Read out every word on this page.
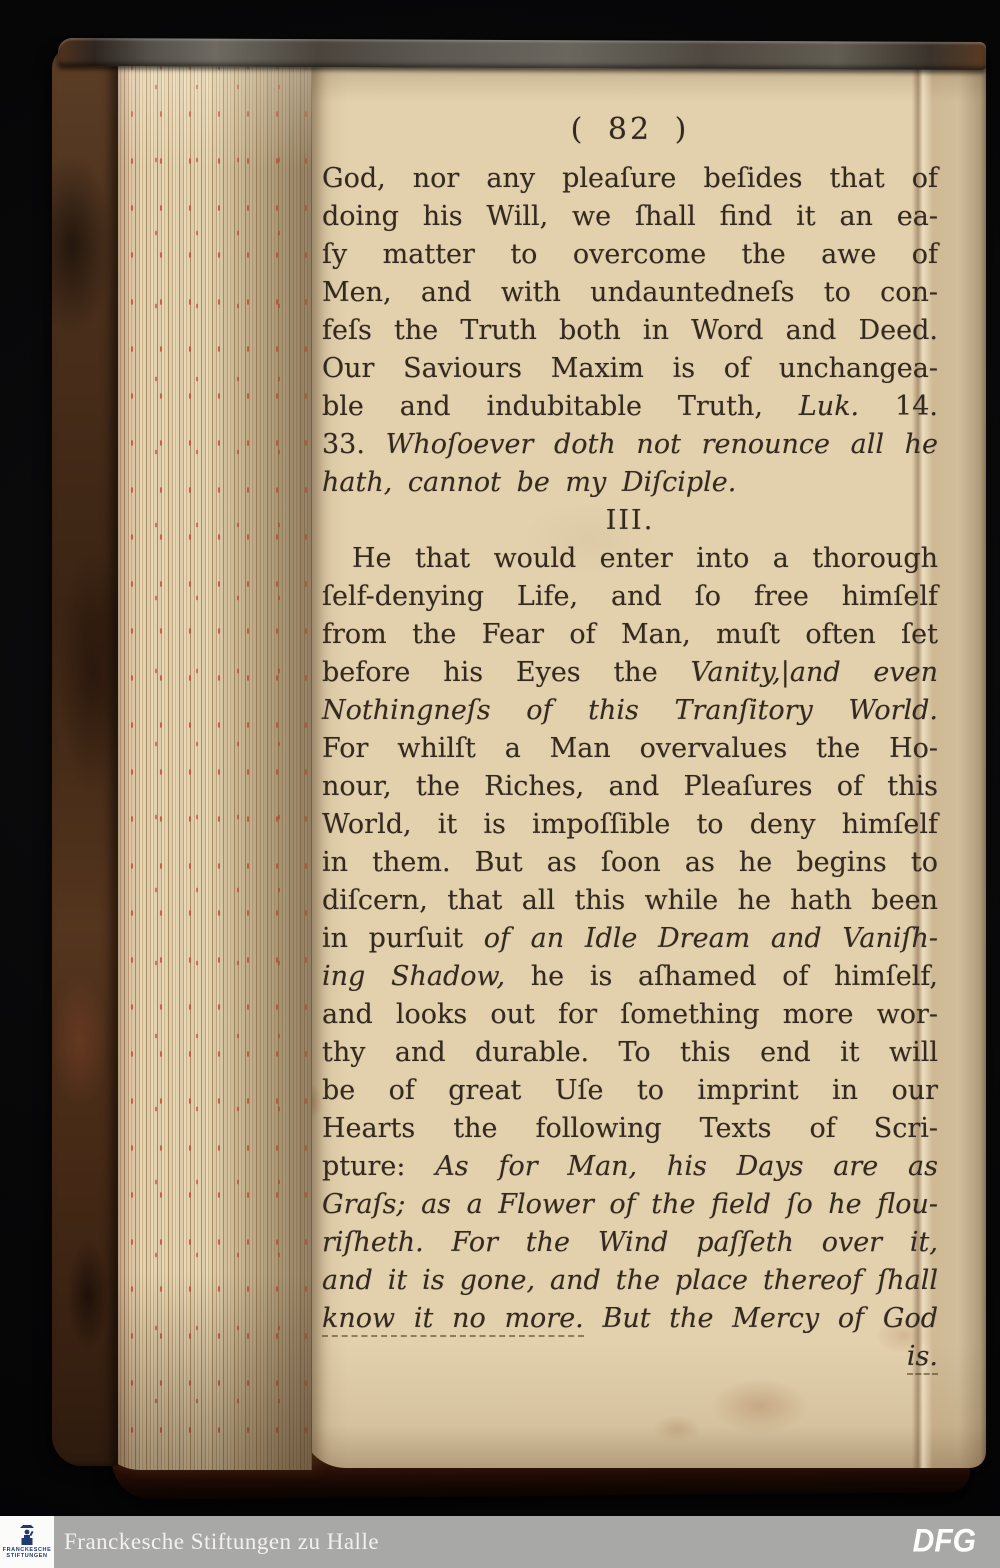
( 82 )
God, nor any pleaſure beſides that of
doing his Will, we ſhall find it an ea-
ſy matter to overcome the awe of
Men, and with undauntedneſs to con-
feſs the Truth both in Word and Deed.
Our Saviours Maxim is of unchangea-
ble and indubitable Truth, Luk. 14.
33. Whoſoever doth not renounce all he
hath, cannot be my Diſciple.
III.
He that would enter into a thorough
ſelf-denying Life, and ſo free himſelf
from the Fear of Man, muſt often ſet
before his Eyes the Vanity,|and even
Nothingneſs of this Tranſitory World.
For whilſt a Man overvalues the Ho-
nour, the Riches, and Pleaſures of this
World, it is impoſſible to deny himſelf
in them. But as ſoon as he begins to
diſcern, that all this while he hath been
in purſuit of an Idle Dream and Vaniſh-
ing Shadow, he is aſhamed of himſelf,
and looks out for ſomething more wor-
thy and durable. To this end it will
be of great Uſe to imprint in our
Hearts the following Texts of Scri-
pture: As for Man, his Days are as
Graſs; as a Flower of the field ſo he flou-
riſheth. For the Wind paſſeth over it,
and it is gone, and the place thereof ſhall
know it no more. But the Mercy of God
is.
FRANCKESCHE
STIFTUNGEN
Franckesche Stiftungen zu Halle	DFG
